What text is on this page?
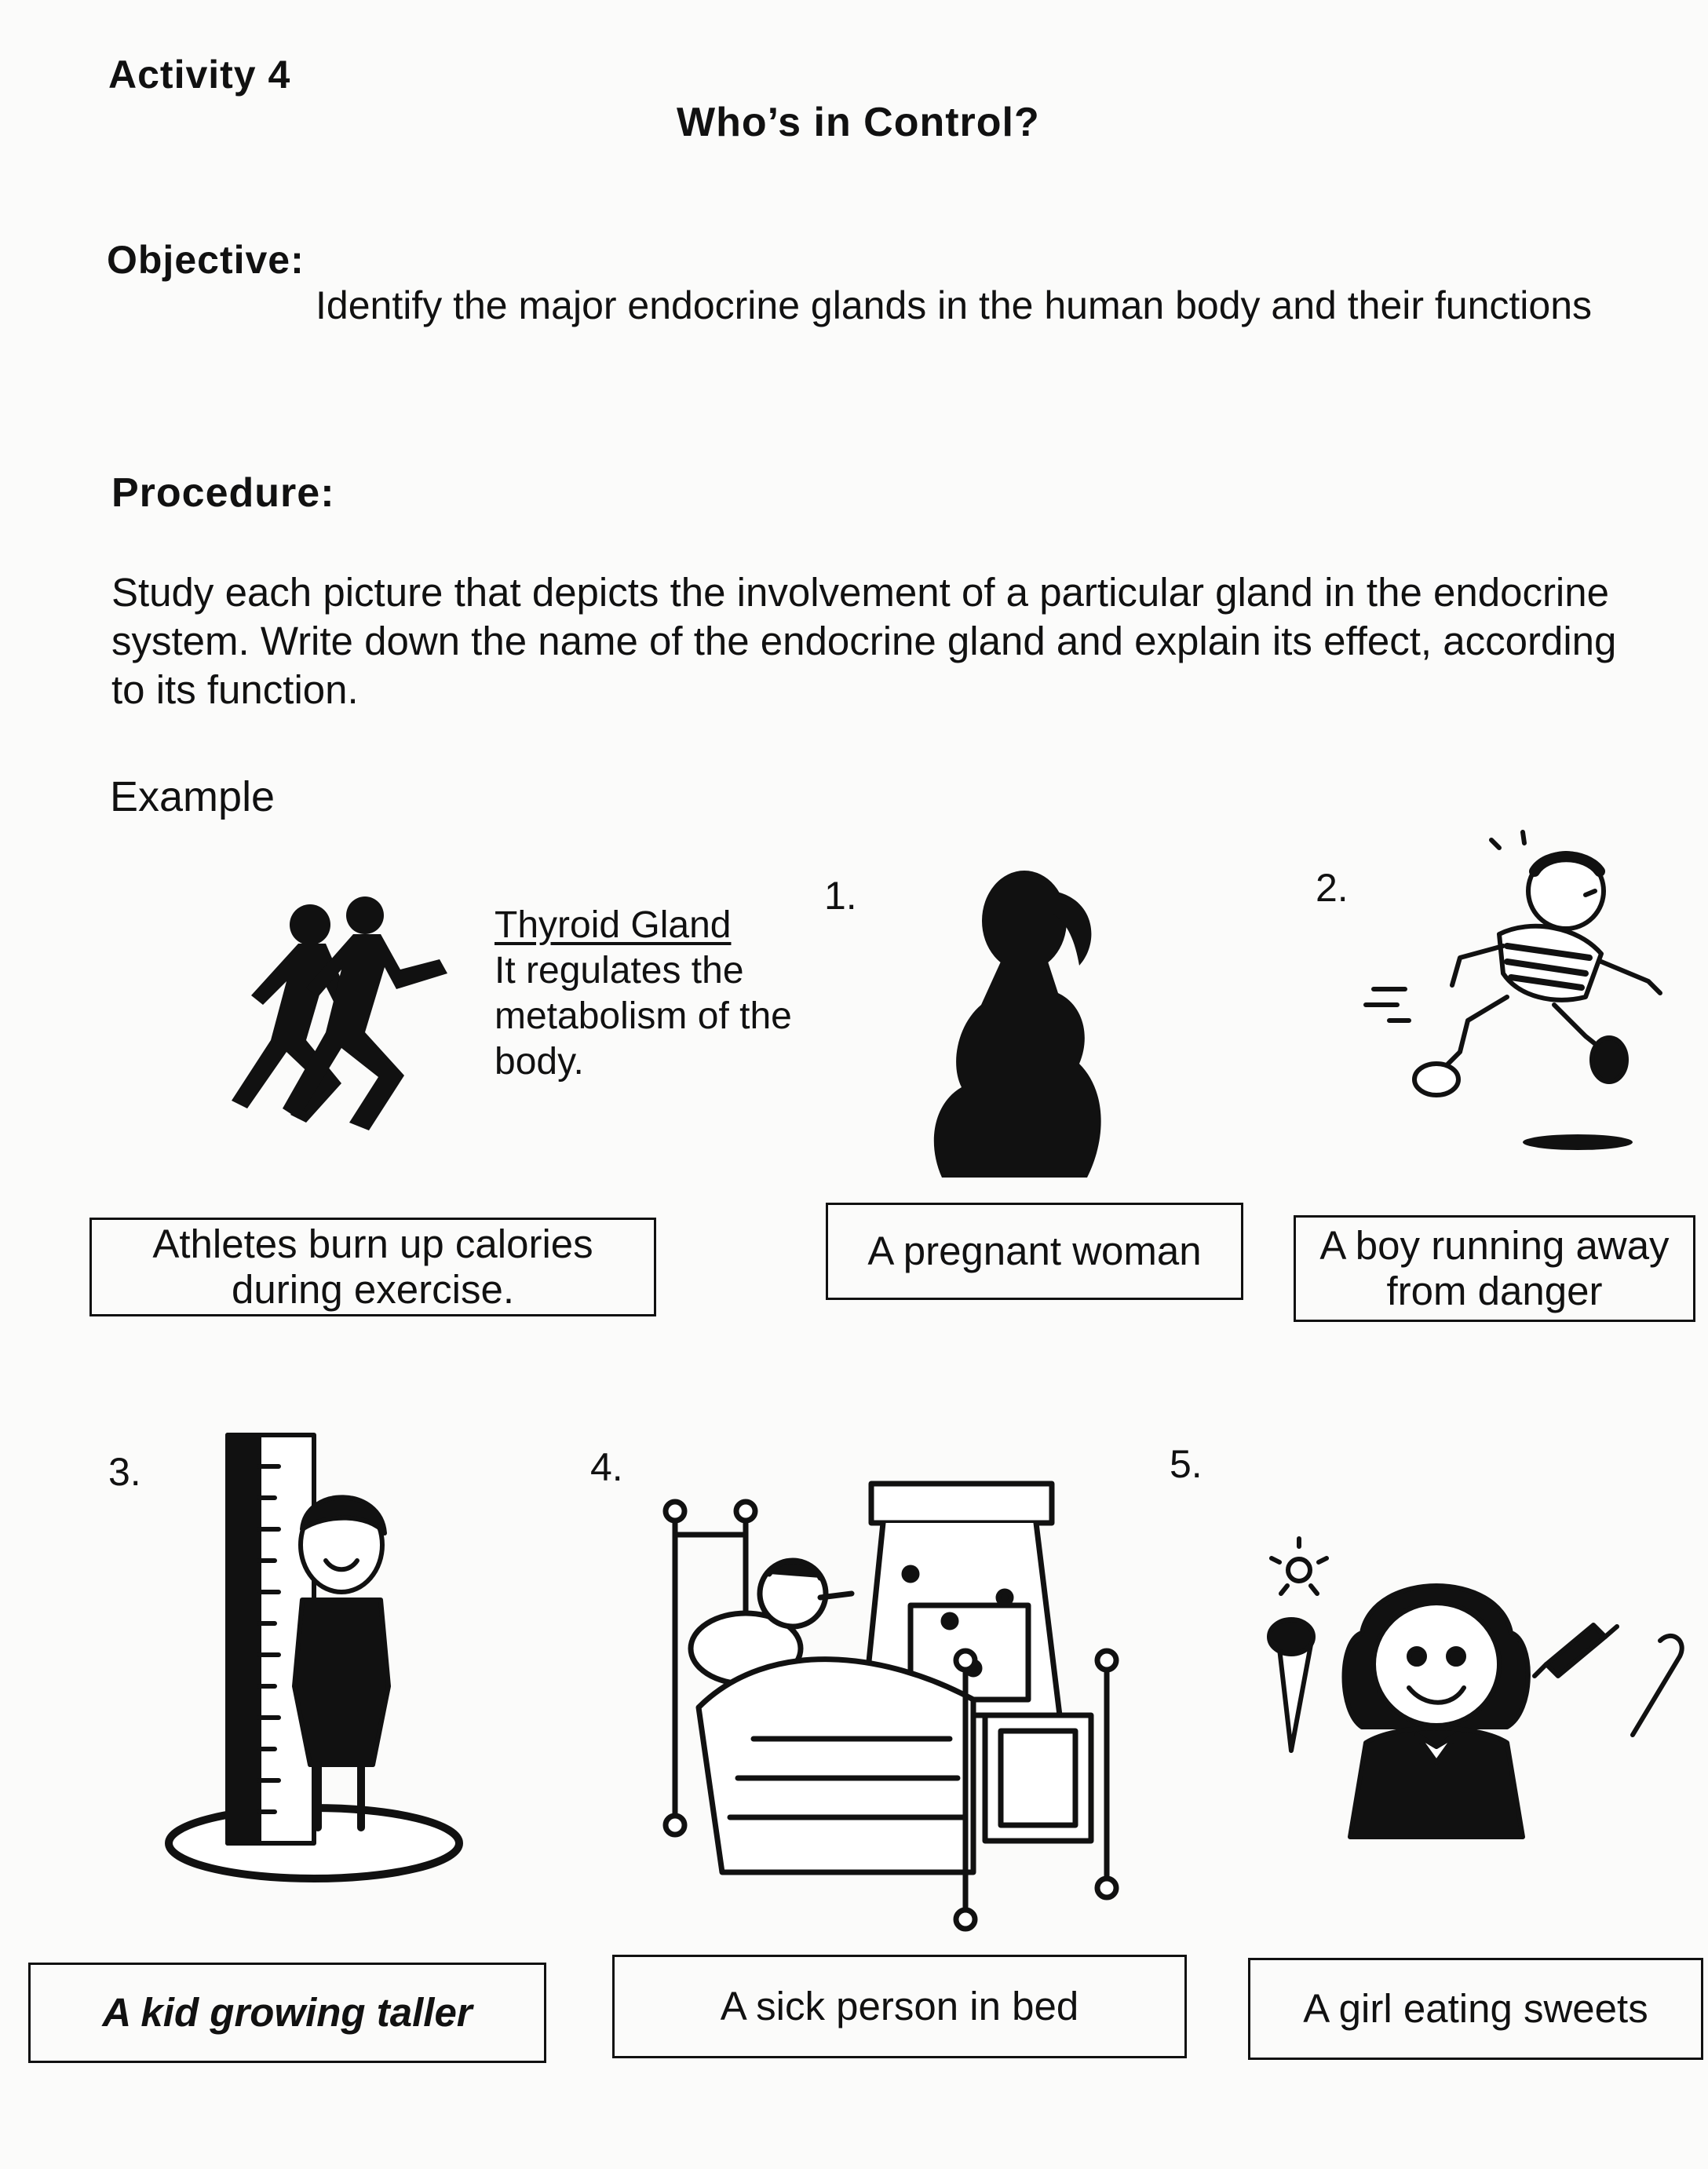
Activity 4
Who’s in Control?
Objective:
Identify the major endocrine glands in the human body and their functions
Procedure:
Study each picture that depicts the involvement of a particular gland in the endocrine system. Write down the name of the endocrine gland and explain its effect, according to its function.
Example
Thyroid Gland
It regulates the metabolism of the body.
Athletes burn up calories during exercise.
1.
A pregnant woman
2.
A boy running away from danger
3.
A kid growing taller
4.
A sick person in bed
5.
A girl eating sweets
